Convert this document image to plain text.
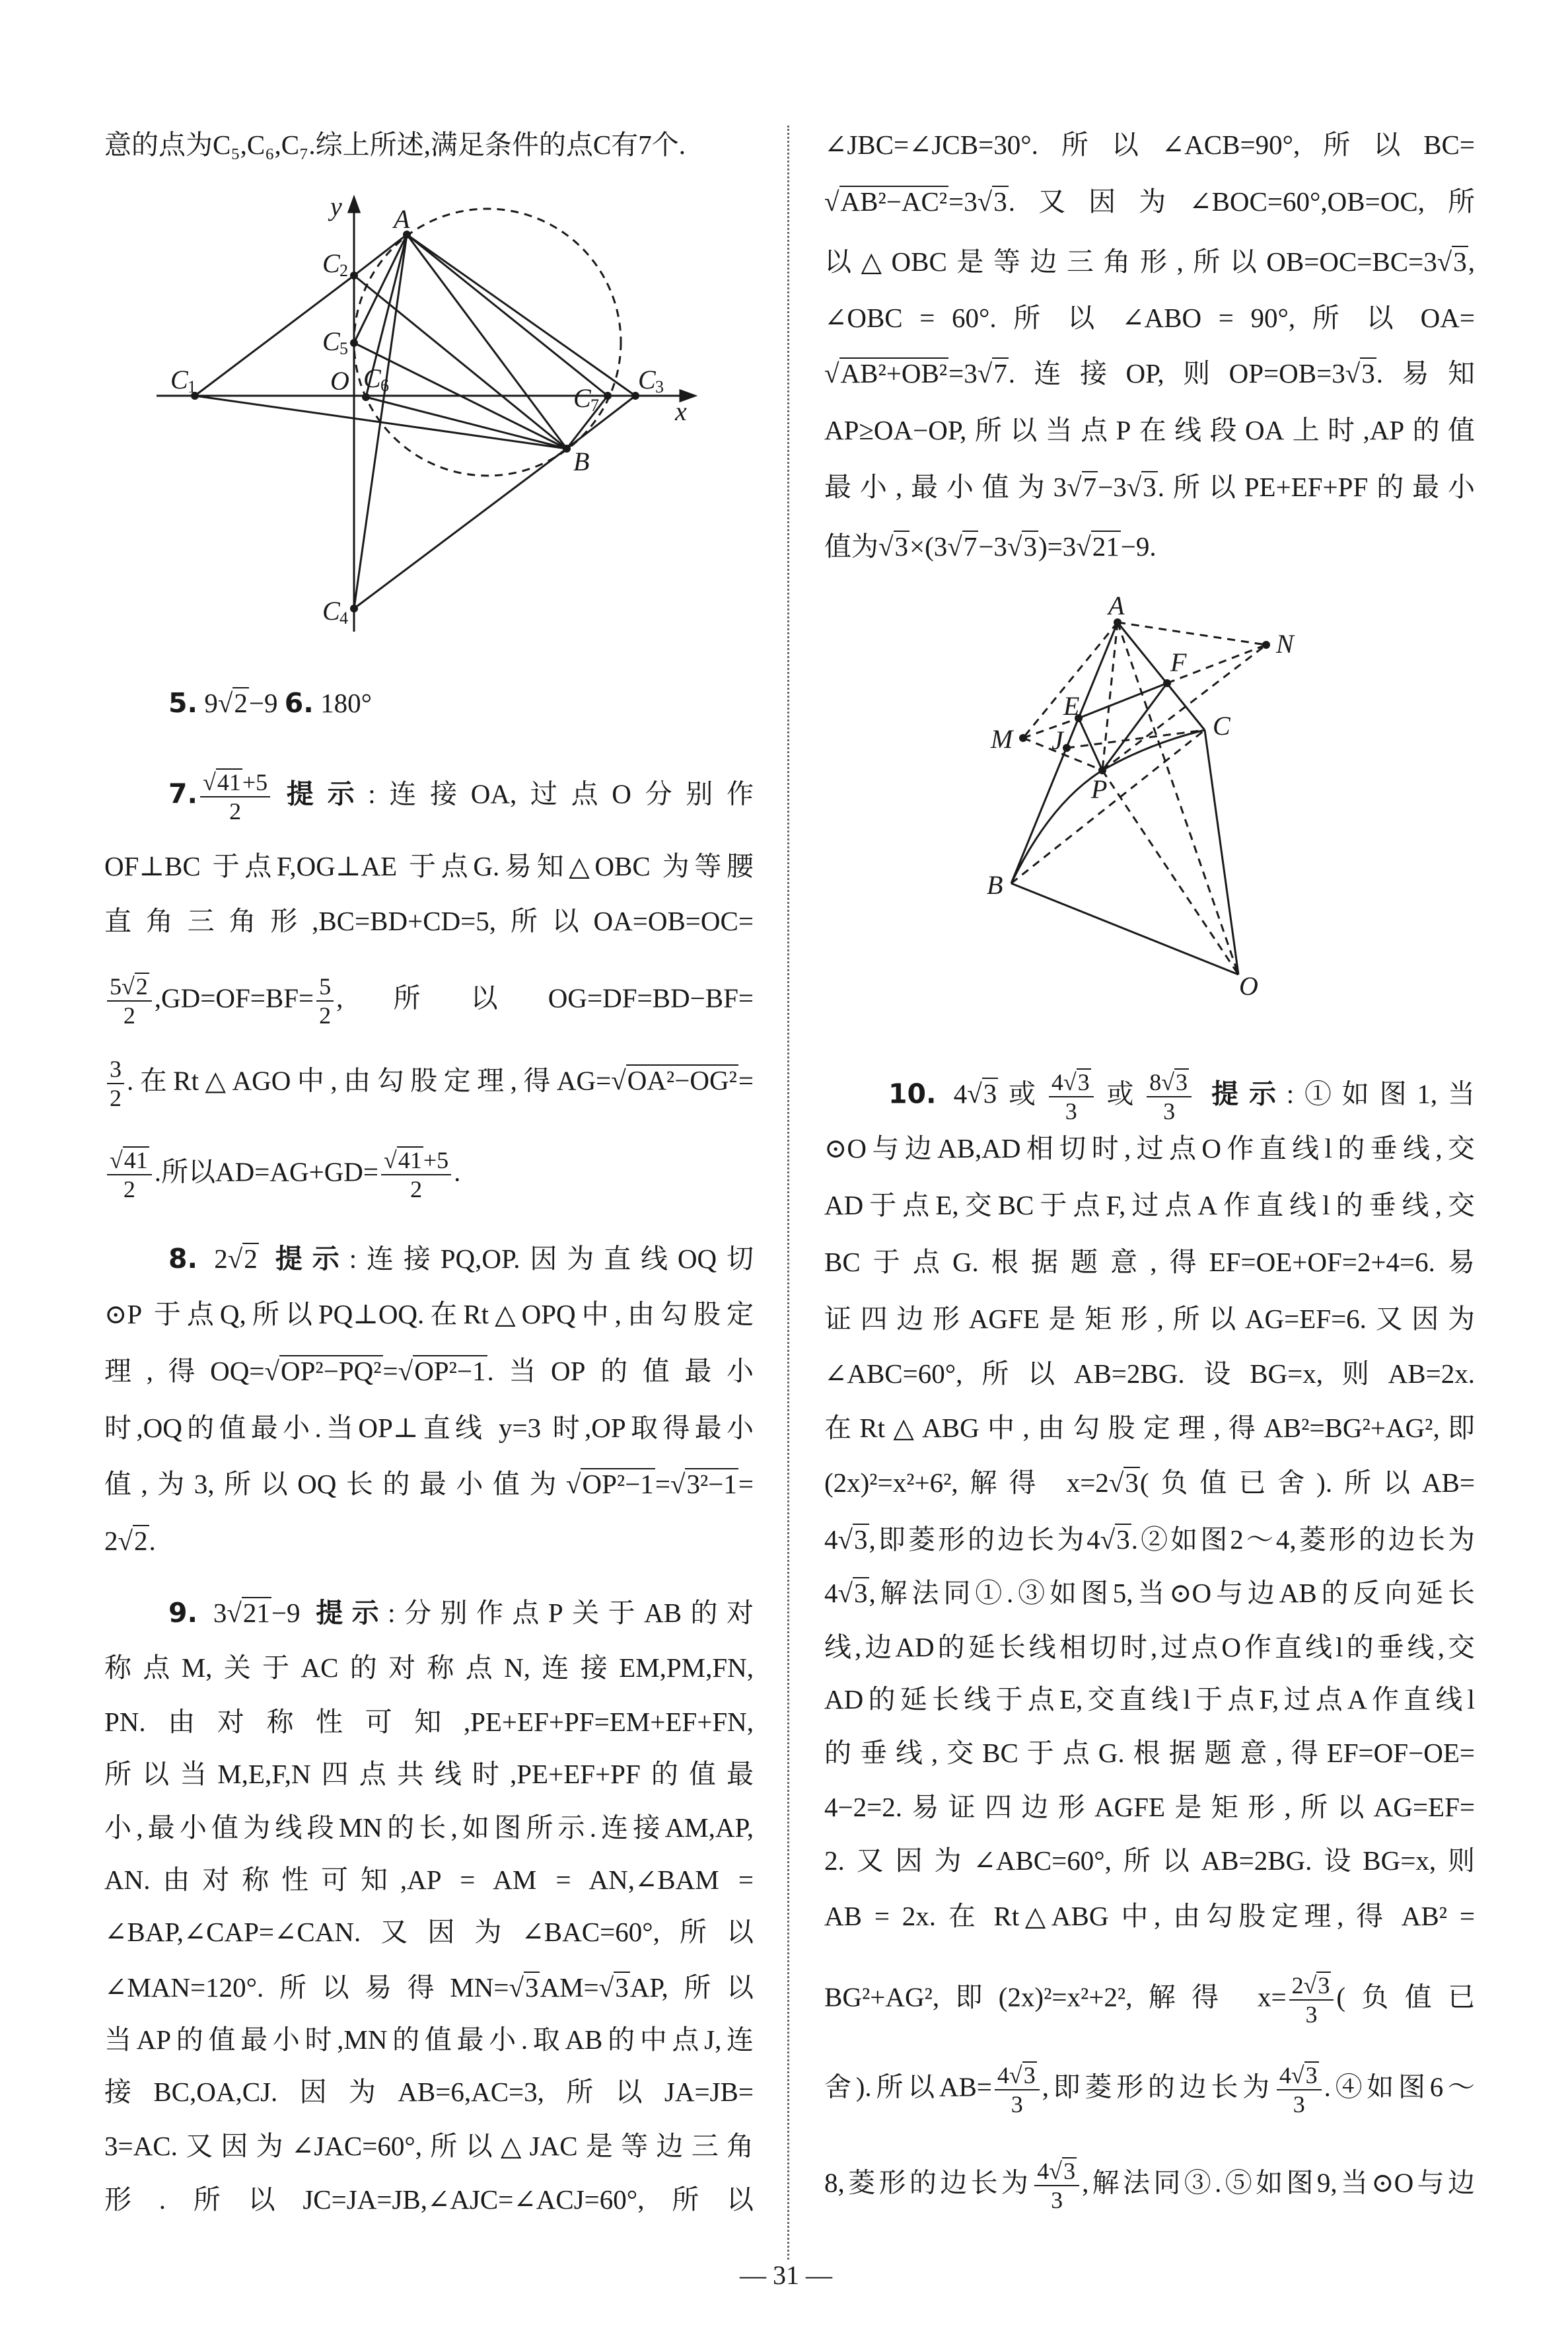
意的点为C₅,C₆,C₇.综上所述,满足条件的点C有7个.
5. 9√2−9 6. 180°
7. $\frac{√41+5}{2}$ 提示:连接OA,过点O分别作
OF⊥BC 于点F,OG⊥AE 于点G.易知△OBC 为等腰
直角三角形,BC=BD+CD=5,所以OA=OB=OC=
$\frac{5√2}{2} ,GD=OF=BF= \frac{5}{2}$ ,所以OG=DF=BD−BF=
$\frac{3}{2}$ .在Rt△AGO中,由勾股定理,得AG=√OA²−OG²=
$\frac{√41}{2}$ .所以$AD=AG+GD= \frac{√41+5}{2}$ .
8. 2√2 提示:连接PQ,OP.因为直线OQ切
⊙P 于点Q,所以PQ⊥OQ.在Rt△OPQ中,由勾股定
理,得OQ=√OP²−PQ²=√OP²−1.当OP的值最小
时,OQ的值最小.当OP⊥直线 y=3 时,OP取得最小
值,为3,所以OQ长的最小值为√OP²−1=√3²−1=
2√2.
9. 3√21−9 提示:分别作点P关于AB的对
称点M,关于AC的对称点N,连接EM,PM,FN,
PN.由对称性可知,PE+EF+PF=EM+EF+FN,
所以当M,E,F,N四点共线时,PE+EF+PF的值最
小,最小值为线段MN的长,如图所示.连接AM,AP,
AN.由对称性可知,AP = AM = AN,∠BAM =
∠BAP,∠CAP=∠CAN.又因为∠BAC=60°,所以
∠MAN=120°.所以易得MN=√3AM=√3AP,所以
当AP的值最小时,MN的值最小.取AB的中点J,连
接BC,OA,CJ.因为AB=6,AC=3,所以JA=JB=
3=AC.又因为∠JAC=60°,所以△JAC是等边三角
形.所以JC=JA=JB,∠AJC=∠ACJ=60°,所以
∠JBC=∠JCB=30°.所以∠ACB=90°,所以BC=
√AB²−AC²=3√3.又因为∠BOC=60°,OB=OC,所
以△OBC是等边三角形,所以OB=OC=BC=3√3,
∠OBC = 60°. 所 以 ∠ABO = 90°, 所 以 OA=
√AB²+OB²=3√7.连接OP,则OP=OB=3√3.易知
AP≥OA−OP,所以当点P在线段OA上时,AP的值
最小,最小值为3√7−3√3.所以PE+EF+PF的最小
值为√3×(3√7−3√3)=3√21−9.
10. 4√3或 $\frac{4√3}{3}$ 或 $\frac{8√3}{3}$ 提示:①如图1,当
⊙O与边AB,AD相切时,过点O作直线l的垂线,交
AD于点E,交BC于点F,过点A作直线l的垂线,交
BC于点G.根据题意,得EF=OE+OF=2+4=6.易
证四边形AGFE是矩形,所以AG=EF=6.又因为
∠ABC=60°,所以AB=2BG.设BG=x,则AB=2x.
在Rt△ABG中,由勾股定理,得AB²=BG²+AG²,即
(2x)²=x²+6²,解得 x=2√3(负值已舍).所以AB=
4√3,即菱形的边长为4√3.②如图2～4,菱形的边长为
4√3,解法同①.③如图5,当⊙O与边AB的反向延长
线,边AD的延长线相切时,过点O作直线l的垂线,交
AD的延长线于点E,交直线l于点F,过点A作直线l
的垂线,交BC于点G.根据题意,得EF=OF−OE=
4−2=2.易证四边形AGFE是矩形,所以AG=EF=
2.又因为∠ABC=60°,所以AB=2BG.设BG=x,则
AB = 2x. 在 Rt△ABG 中, 由勾股定理, 得 AB² =
BG²+AG²,即(2x)²=x²+2²,解得 $x= \frac{2√3}{3}$ (负值已
舍).所以$AB= \frac{4√3}{3}$ ,即菱形的边长为 $\frac{4√3}{3}$ .④如图6～
8,菱形的边长为 $\frac{4√3}{3}$ ,解法同③.⑤如图9,当⊙O与边
y
x
A
B
O
C 1
C 2
C 3
C 4
C 5
C 6	C 7
A
N
F
E
C
M J
P
B
O
— 31 —
